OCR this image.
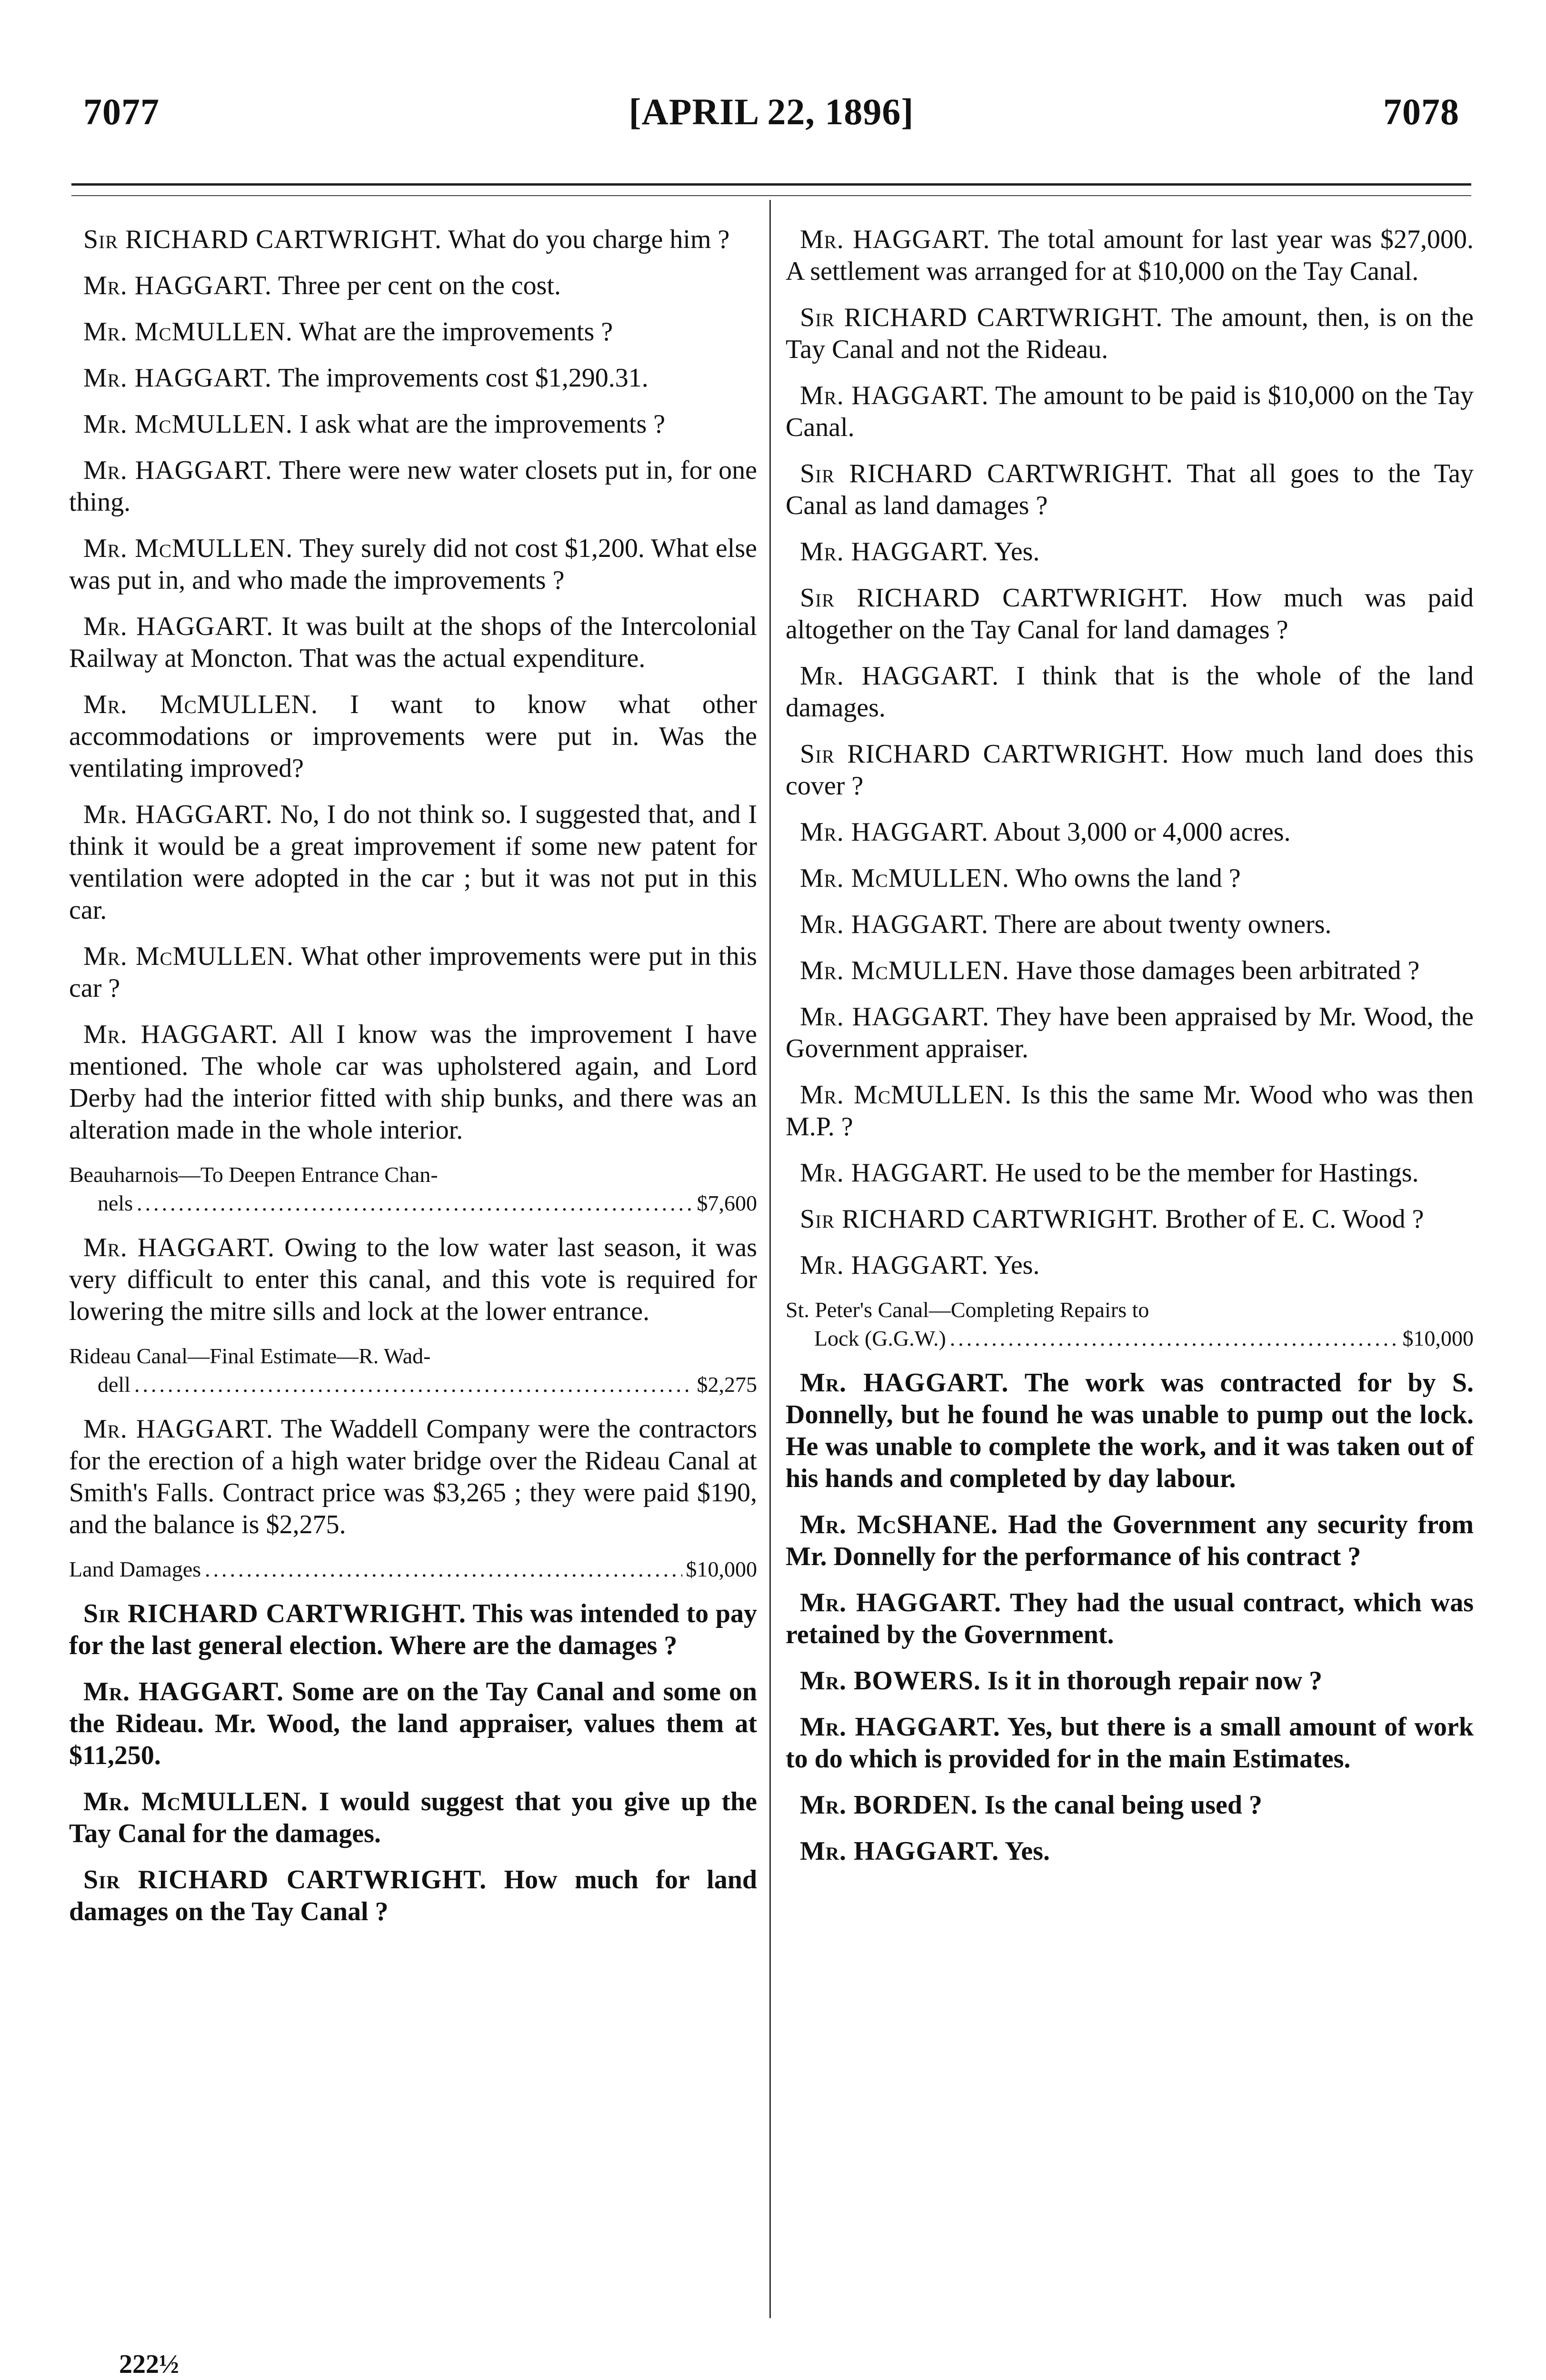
7077	[APRIL 22, 1896]	7078

Sir RICHARD CARTWRIGHT. What do you charge him ?

Mr. HAGGART. Three per cent on the cost.

Mr. McMULLEN. What are the improvements ?

Mr. HAGGART. The improvements cost $1,290.31.

Mr. McMULLEN. I ask what are the improvements ?

Mr. HAGGART. There were new water closets put in, for one thing.

Mr. McMULLEN. They surely did not cost $1,200. What else was put in, and who made the improvements ?

Mr. HAGGART. It was built at the shops of the Intercolonial Railway at Moncton. That was the actual expenditure.

Mr. McMULLEN. I want to know what other accommodations or improvements were put in. Was the ventilating improved?

Mr. HAGGART. No, I do not think so. I suggested that, and I think it would be a great improvement if some new patent for ventilation were adopted in the car ; but it was not put in this car.

Mr. McMULLEN. What other improvements were put in this car ?

Mr. HAGGART. All I know was the improvement I have mentioned. The whole car was upholstered again, and Lord Derby had the interior fitted with ship bunks, and there was an alteration made in the whole interior.

Beauharnois—To Deepen Entrance Chan-
nels .....	$7,600

Mr. HAGGART. Owing to the low water last season, it was very difficult to enter this canal, and this vote is required for lowering the mitre sills and lock at the lower entrance.

Rideau Canal—Final Estimate—R. Wad-
dell .....	$2,275

Mr. HAGGART. The Waddell Company were the contractors for the erection of a high water bridge over the Rideau Canal at Smith's Falls. Contract price was $3,265 ; they were paid $190, and the balance is $2,275.

Land Damages .....	$10,000

Sir RICHARD CARTWRIGHT. This was intended to pay for the last general election. Where are the damages ?

Mr. HAGGART. Some are on the Tay Canal and some on the Rideau. Mr. Wood, the land appraiser, values them at $11,250.

Mr. McMULLEN. I would suggest that you give up the Tay Canal for the damages.

Sir RICHARD CARTWRIGHT. How much for land damages on the Tay Canal ?

Mr. HAGGART. The total amount for last year was $27,000. A settlement was arranged for at $10,000 on the Tay Canal.

Sir RICHARD CARTWRIGHT. The amount, then, is on the Tay Canal and not the Rideau.

Mr. HAGGART. The amount to be paid is $10,000 on the Tay Canal.

Sir RICHARD CARTWRIGHT. That all goes to the Tay Canal as land damages ?

Mr. HAGGART. Yes.

Sir RICHARD CARTWRIGHT. How much was paid altogether on the Tay Canal for land damages ?

Mr. HAGGART. I think that is the whole of the land damages.

Sir RICHARD CARTWRIGHT. How much land does this cover ?

Mr. HAGGART. About 3,000 or 4,000 acres.

Mr. McMULLEN. Who owns the land ?

Mr. HAGGART. There are about twenty owners.

Mr. McMULLEN. Have those damages been arbitrated ?

Mr. HAGGART. They have been appraised by Mr. Wood, the Government appraiser.

Mr. McMULLEN. Is this the same Mr. Wood who was then M.P. ?

Mr. HAGGART. He used to be the member for Hastings.

Sir RICHARD CARTWRIGHT. Brother of E. C. Wood ?

Mr. HAGGART. Yes.

St. Peter's Canal—Completing Repairs to
Lock (G.G.W.) .....	$10,000

Mr. HAGGART. The work was contracted for by S. Donnelly, but he found he was unable to pump out the lock. He was unable to complete the work, and it was taken out of his hands and completed by day labour.

Mr. McSHANE. Had the Government any security from Mr. Donnelly for the performance of his contract ?

Mr. HAGGART. They had the usual contract, which was retained by the Government.

Mr. BOWERS. Is it in thorough repair now ?

Mr. HAGGART. Yes, but there is a small amount of work to do which is provided for in the main Estimates.

Mr. BORDEN. Is the canal being used ?

Mr. HAGGART. Yes.

222½
